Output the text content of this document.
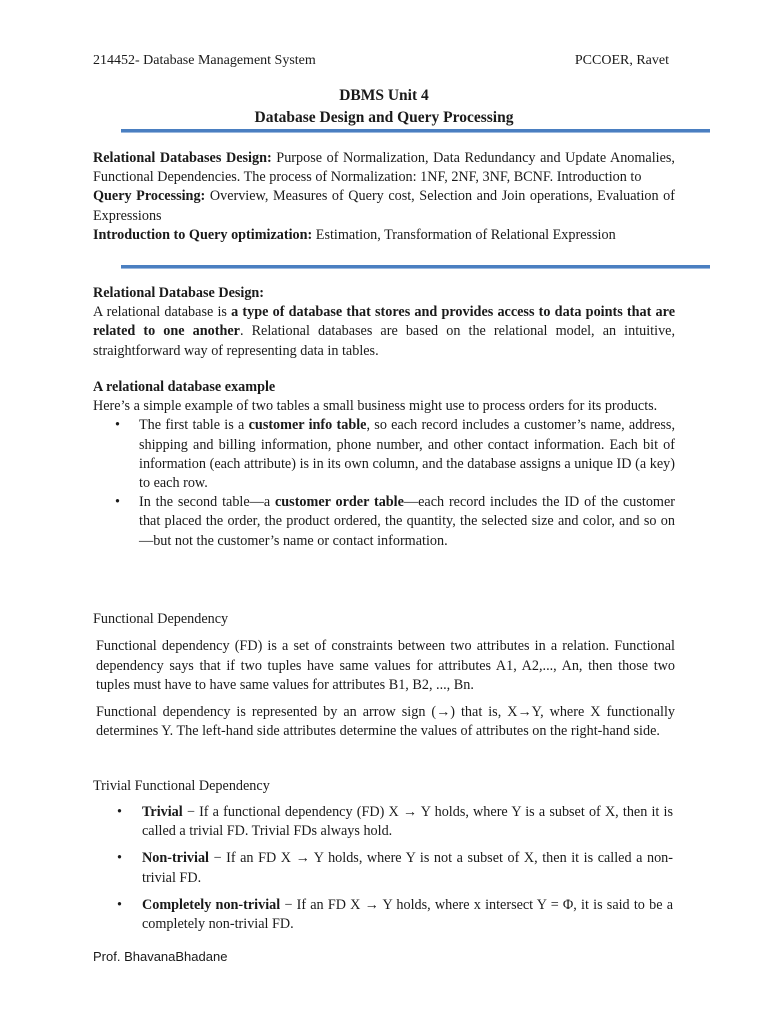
214452- Database Management System	PCCOER, Ravet
DBMS Unit 4
Database Design and Query Processing

Relational Databases Design: Purpose of Normalization, Data Redundancy and Update Anomalies, Functional Dependencies. The process of Normalization: 1NF, 2NF, 3NF, BCNF. Introduction to

Query Processing: Overview, Measures of Query cost, Selection and Join operations, Evaluation of Expressions

Introduction to Query optimization: Estimation, Transformation of Relational Expression

Relational Database Design:

A relational database is a type of database that stores and provides access to data points that are related to one another. Relational databases are based on the relational model, an intuitive, straightforward way of representing data in tables.

A relational database example

Here’s a simple example of two tables a small business might use to process orders for its products.

• The first table is a customer info table, so each record includes a customer’s name, address, shipping and billing information, phone number, and other contact information. Each bit of information (each attribute) is in its own column, and the database assigns a unique ID (a key) to each row.
• In the second table—a customer order table—each record includes the ID of the customer that placed the order, the product ordered, the quantity, the selected size and color, and so on—but not the customer’s name or contact information.
Functional Dependency

Functional dependency (FD) is a set of constraints between two attributes in a relation. Functional dependency says that if two tuples have same values for attributes A1, A2,..., An, then those two tuples must have to have same values for attributes B1, B2, ..., Bn.

Functional dependency is represented by an arrow sign (→) that is, X→Y, where X functionally determines Y. The left-hand side attributes determine the values of attributes on the right-hand side.

Trivial Functional Dependency
• Trivial − If a functional dependency (FD) X → Y holds, where Y is a subset of X, then it is called a trivial FD. Trivial FDs always hold.
• Non-trivial − If an FD X → Y holds, where Y is not a subset of X, then it is called a non-trivial FD.
• Completely non-trivial − If an FD X → Y holds, where x intersect Y = Φ, it is said to be a completely non-trivial FD.
Prof. BhavanaBhadane
